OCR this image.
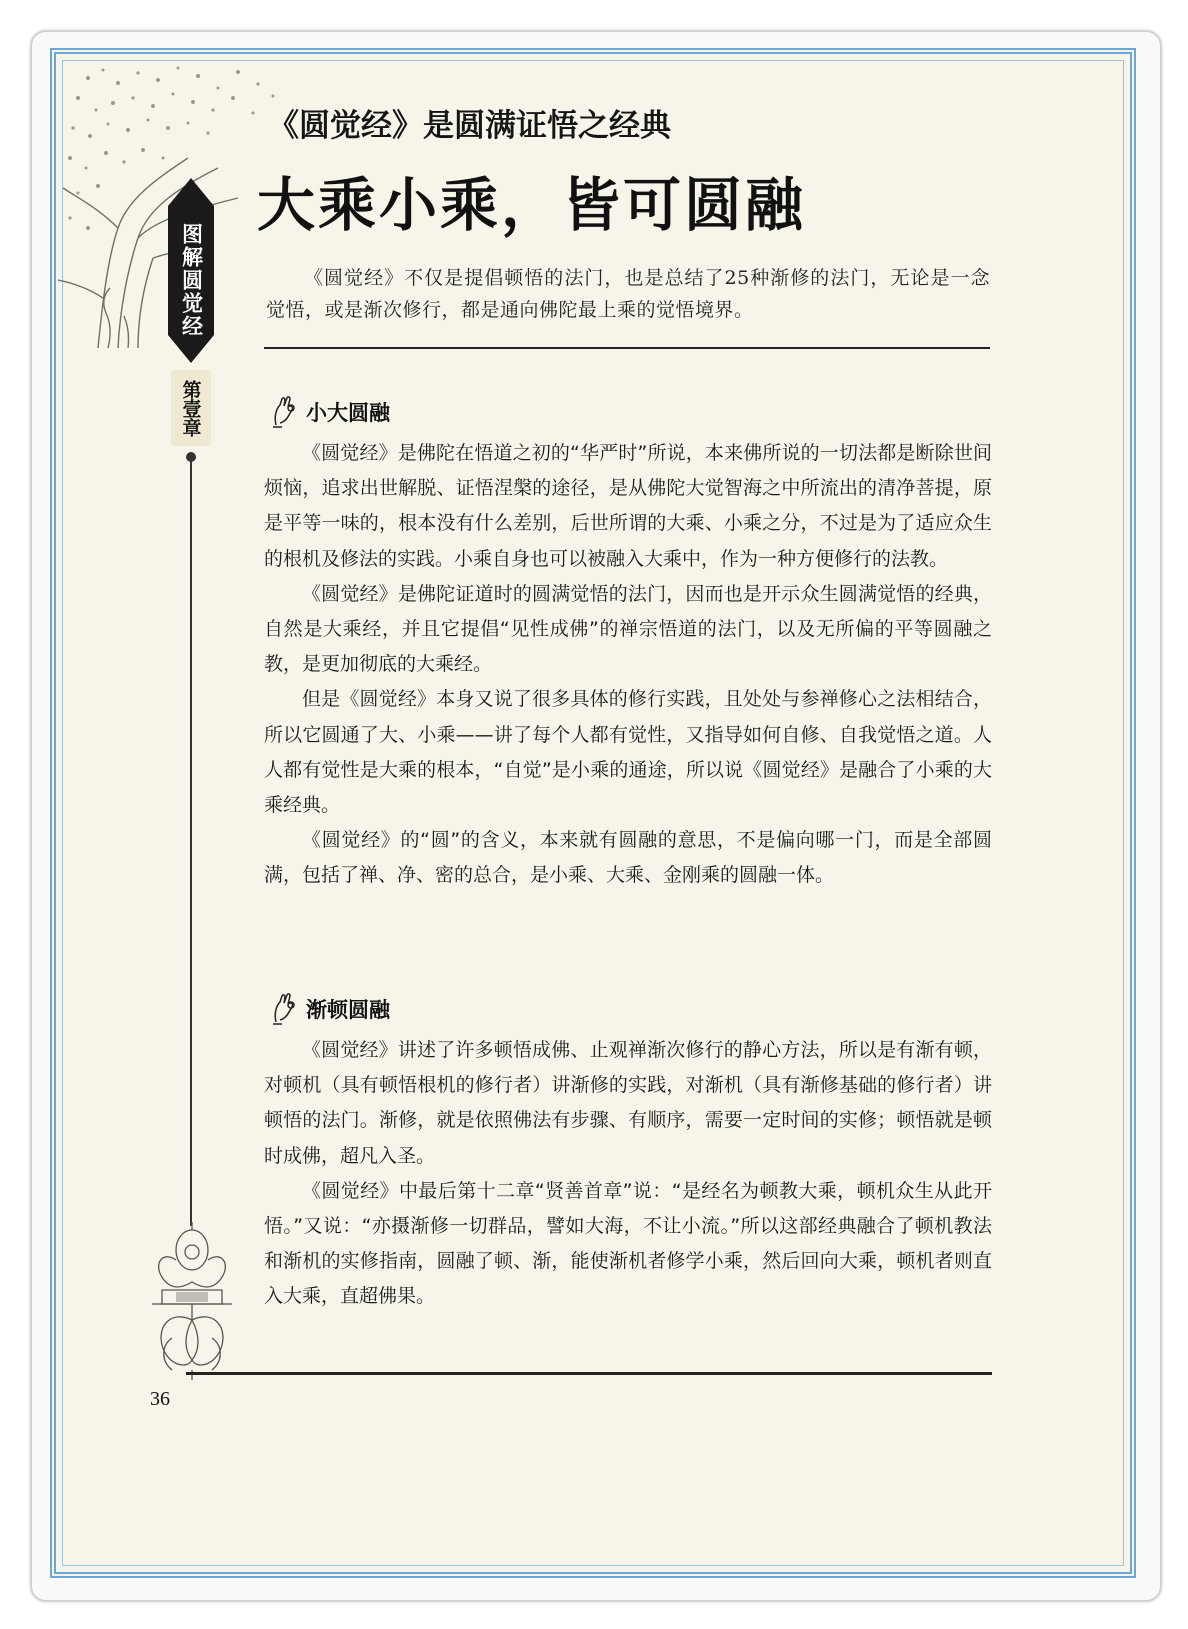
图解圆觉经
第壹章
《圆觉经》是圆满证悟之经典
大乘小乘，皆可圆融
《圆觉经》不仅是提倡顿悟的法门，也是总结了25种渐修的法门，无论是一念觉悟，或是渐次修行，都是通向佛陀最上乘的觉悟境界。
小大圆融

《圆觉经》是佛陀在悟道之初的“华严时”所说，本来佛所说的一切法都是断除世间烦恼，追求出世解脱、证悟涅槃的途径，是从佛陀大觉智海之中所流出的清净菩提，原是平等一味的，根本没有什么差别，后世所谓的大乘、小乘之分，不过是为了适应众生的根机及修法的实践。小乘自身也可以被融入大乘中，作为一种方便修行的法教。

《圆觉经》是佛陀证道时的圆满觉悟的法门，因而也是开示众生圆满觉悟的经典，自然是大乘经，并且它提倡“见性成佛”的禅宗悟道的法门，以及无所偏的平等圆融之教，是更加彻底的大乘经。

但是《圆觉经》本身又说了很多具体的修行实践，且处处与参禅修心之法相结合，所以它圆通了大、小乘——讲了每个人都有觉性，又指导如何自修、自我觉悟之道。人人都有觉性是大乘的根本，“自觉”是小乘的通途，所以说《圆觉经》是融合了小乘的大乘经典。

《圆觉经》的“圆”的含义，本来就有圆融的意思，不是偏向哪一门，而是全部圆满，包括了禅、净、密的总合，是小乘、大乘、金刚乘的圆融一体。

渐顿圆融

《圆觉经》讲述了许多顿悟成佛、止观禅渐次修行的静心方法，所以是有渐有顿，对顿机（具有顿悟根机的修行者）讲渐修的实践，对渐机（具有渐修基础的修行者）讲顿悟的法门。渐修，就是依照佛法有步骤、有顺序，需要一定时间的实修；顿悟就是顿时成佛，超凡入圣。

《圆觉经》中最后第十二章“贤善首章”说：“是经名为顿教大乘，顿机众生从此开悟。”又说：“亦摄渐修一切群品，譬如大海，不让小流。”所以这部经典融合了顿机教法和渐机的实修指南，圆融了顿、渐，能使渐机者修学小乘，然后回向大乘，顿机者则直入大乘，直超佛果。

36
